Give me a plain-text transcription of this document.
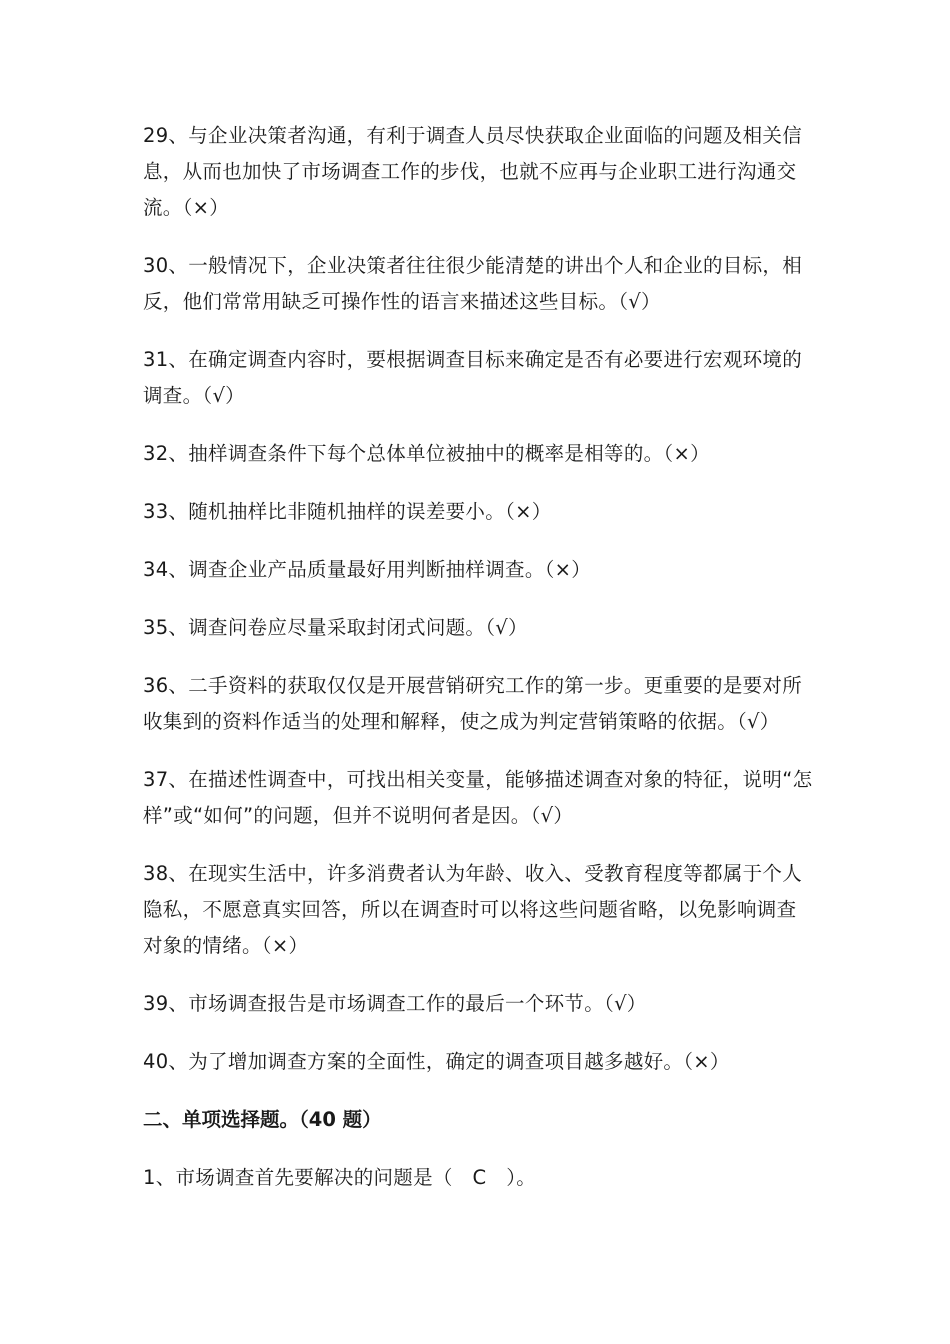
29、与企业决策者沟通，有利于调查人员尽快获取企业面临的问题及相关信息，从而也加快了市场调查工作的步伐，也就不应再与企业职工进行沟通交流。（×）

30、一般情况下，企业决策者往往很少能清楚的讲出个人和企业的目标，相反，他们常常用缺乏可操作性的语言来描述这些目标。（√）

31、在确定调查内容时，要根据调查目标来确定是否有必要进行宏观环境的调查。（√）

32、抽样调查条件下每个总体单位被抽中的概率是相等的。（×）

33、随机抽样比非随机抽样的误差要小。（×）

34、调查企业产品质量最好用判断抽样调查。（×）

35、调查问卷应尽量采取封闭式问题。（√）

36、二手资料的获取仅仅是开展营销研究工作的第一步。更重要的是要对所收集到的资料作适当的处理和解释，使之成为判定营销策略的依据。（√）

37、在描述性调查中，可找出相关变量，能够描述调查对象的特征，说明“怎样”或“如何”的问题，但并不说明何者是因。（√）

38、在现实生活中，许多消费者认为年龄、收入、受教育程度等都属于个人隐私，不愿意真实回答，所以在调查时可以将这些问题省略，以免影响调查对象的情绪。（×）

39、市场调查报告是市场调查工作的最后一个环节。（√）

40、为了增加调查方案的全面性，确定的调查项目越多越好。（×）

二、单项选择题。（40 题）

1、市场调查首先要解决的问题是（　C　）。
